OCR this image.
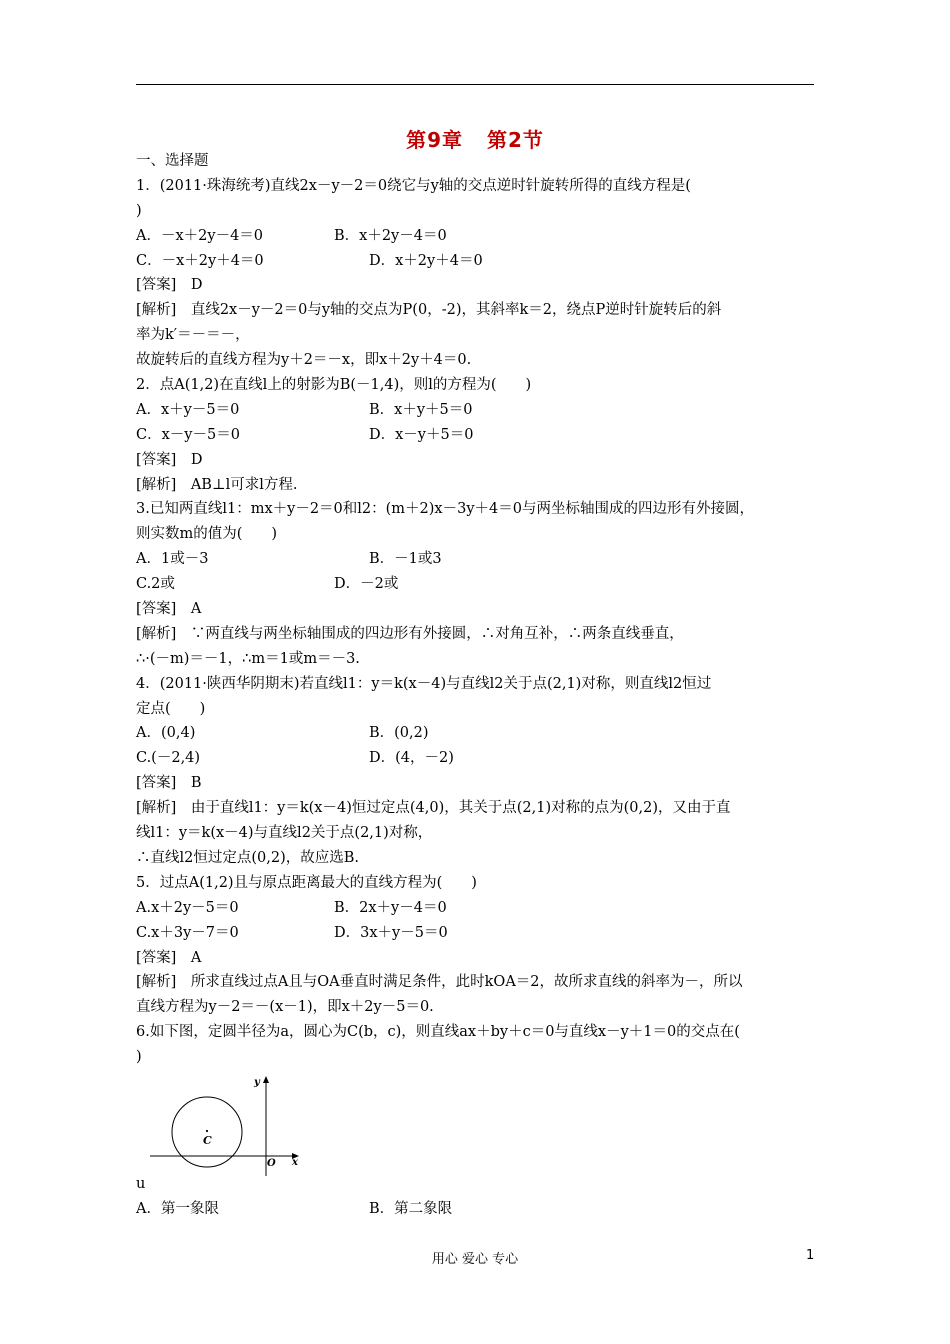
第9章 第2节
一、选择题
1．(2011·珠海统考)直线2x－y－2＝0绕它与y轴的交点逆时针旋转所得的直线方程是(
)
A．－x＋2y－4＝0	B．x＋2y－4＝0
C．－x＋2y＋4＝0	D．x＋2y＋4＝0
[答案]　D
[解析]　直线2x－y－2＝0与y轴的交点为P(0，-2)，其斜率k＝2，绕点P逆时针旋转后的斜
率为k′＝－＝－，
故旋转后的直线方程为y＋2＝－x，即x＋2y＋4＝0.
2．点A(1,2)在直线l上的射影为B(－1,4)，则l的方程为(　　)
A．x＋y－5＝0	B．x＋y＋5＝0
C．x－y－5＝0	D．x－y＋5＝0
[答案]　D
[解析]　AB⊥l可求l方程.
3.已知两直线l1：mx＋y－2＝0和l2：(m＋2)x－3y＋4＝0与两坐标轴围成的四边形有外接圆，
则实数m的值为(　　)
A．1或－3	B．－1或3
C.2或	D．－2或
[答案]　A
[解析]　∵两直线与两坐标轴围成的四边形有外接圆，∴对角互补，∴两条直线垂直，
∴·(－m)＝－1，∴m＝1或m＝－3.
4．(2011·陕西华阴期末)若直线l1：y＝k(x－4)与直线l2关于点(2,1)对称，则直线l2恒过
定点(　　)
A．(0,4)	B．(0,2)
C.(－2,4)	D．(4，－2)
[答案]　B
[解析]　由于直线l1：y＝k(x－4)恒过定点(4,0)，其关于点(2,1)对称的点为(0,2)，又由于直
线l1：y＝k(x－4)与直线l2关于点(2,1)对称，
∴直线l2恒过定点(0,2)，故应选B.
5．过点A(1,2)且与原点距离最大的直线方程为(　　)
A.x＋2y－5＝0	B．2x＋y－4＝0
C.x＋3y－7＝0	D．3x＋y－5＝0
[答案]　A
[解析]　所求直线过点A且与OA垂直时满足条件，此时kOA＝2，故所求直线的斜率为－，所以
直线方程为y－2＝－(x－1)，即x＋2y－5＝0.
6.如下图，定圆半径为a，圆心为C(b，c)，则直线ax＋by＋c＝0与直线x－y＋1＝0的交点在(
)
C
y
x
O
u
A．第一象限	B．第二象限
用心 爱心 专心	1
